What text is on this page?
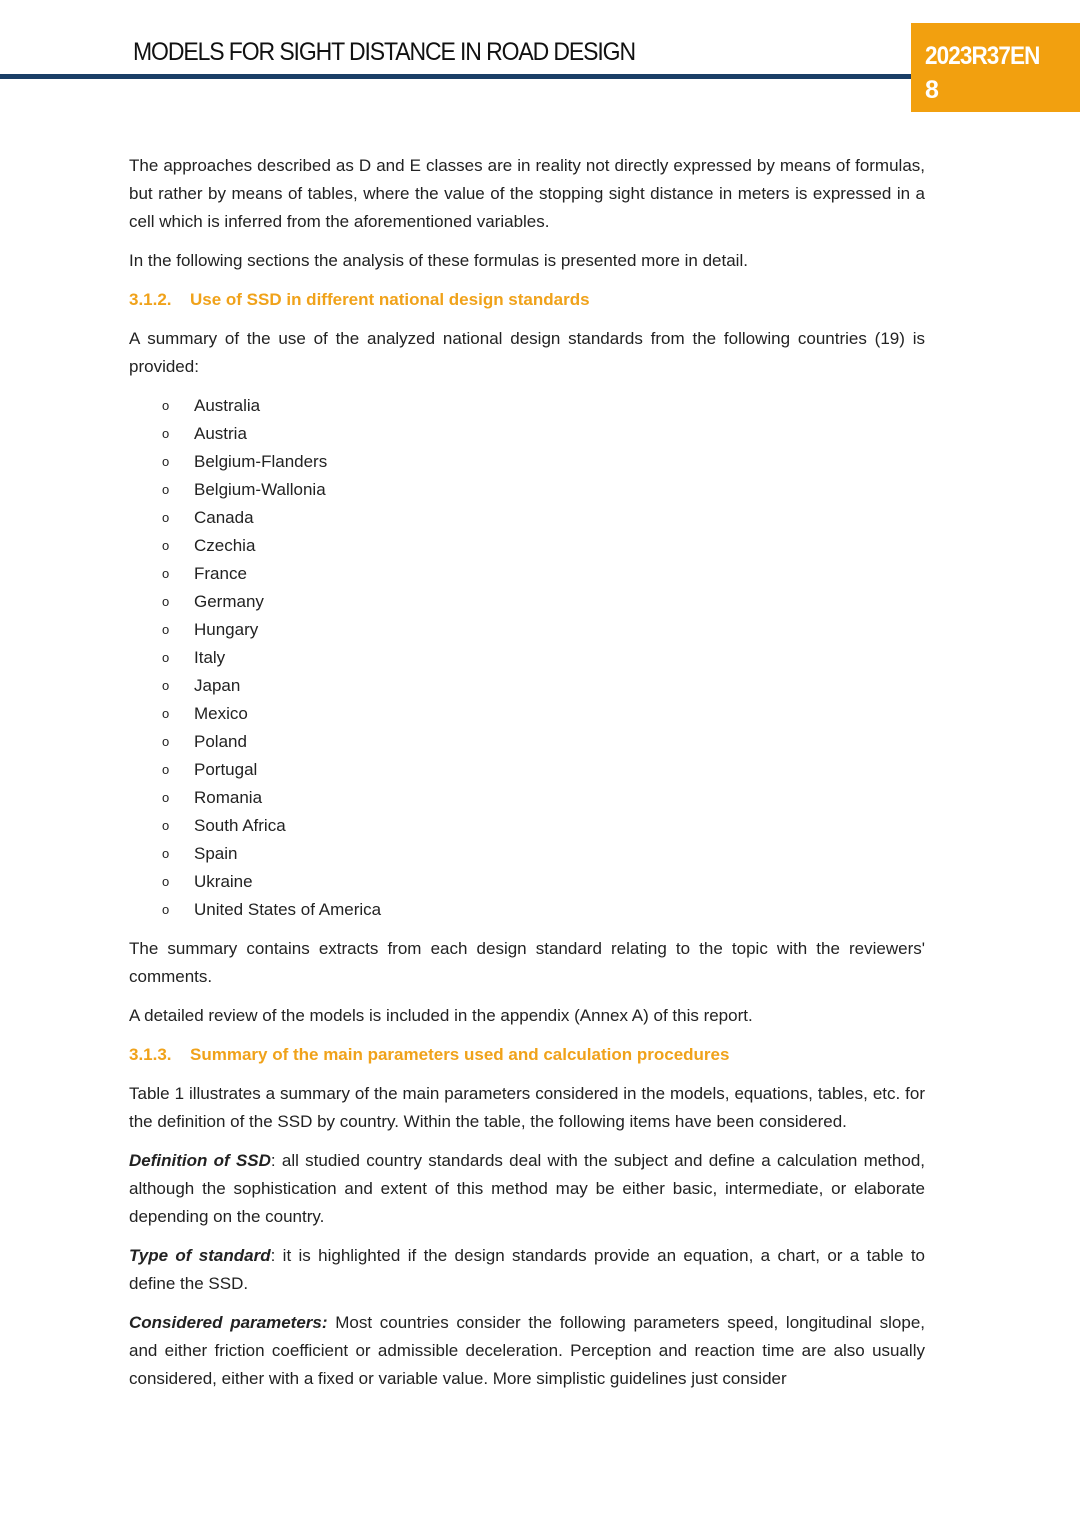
MODELS FOR SIGHT DISTANCE IN ROAD DESIGN	2023R37EN
8

The approaches described as D and E classes are in reality not directly expressed by means of formulas, but rather by means of tables, where the value of the stopping sight distance in meters is expressed in a cell which is inferred from the aforementioned variables.

In the following sections the analysis of these formulas is presented more in detail.

3.1.2. Use of SSD in different national design standards

A summary of the use of the analyzed national design standards from the following countries (19) is provided:

o Australia
o Austria
o Belgium-Flanders
o Belgium-Wallonia
o Canada
o Czechia
o France
o Germany
o Hungary
o Italy
o Japan
o Mexico
o Poland
o Portugal
o Romania
o South Africa
o Spain
o Ukraine
o United States of America

The summary contains extracts from each design standard relating to the topic with the reviewers' comments.

A detailed review of the models is included in the appendix (Annex A) of this report.

3.1.3. Summary of the main parameters used and calculation procedures

Table 1 illustrates a summary of the main parameters considered in the models, equations, tables, etc. for the definition of the SSD by country. Within the table, the following items have been considered.

Definition of SSD: all studied country standards deal with the subject and define a calculation method, although the sophistication and extent of this method may be either basic, intermediate, or elaborate depending on the country.

Type of standard: it is highlighted if the design standards provide an equation, a chart, or a table to define the SSD.

Considered parameters: Most countries consider the following parameters speed, longitudinal slope, and either friction coefficient or admissible deceleration. Perception and reaction time are also usually considered, either with a fixed or variable value. More simplistic guidelines just consider
